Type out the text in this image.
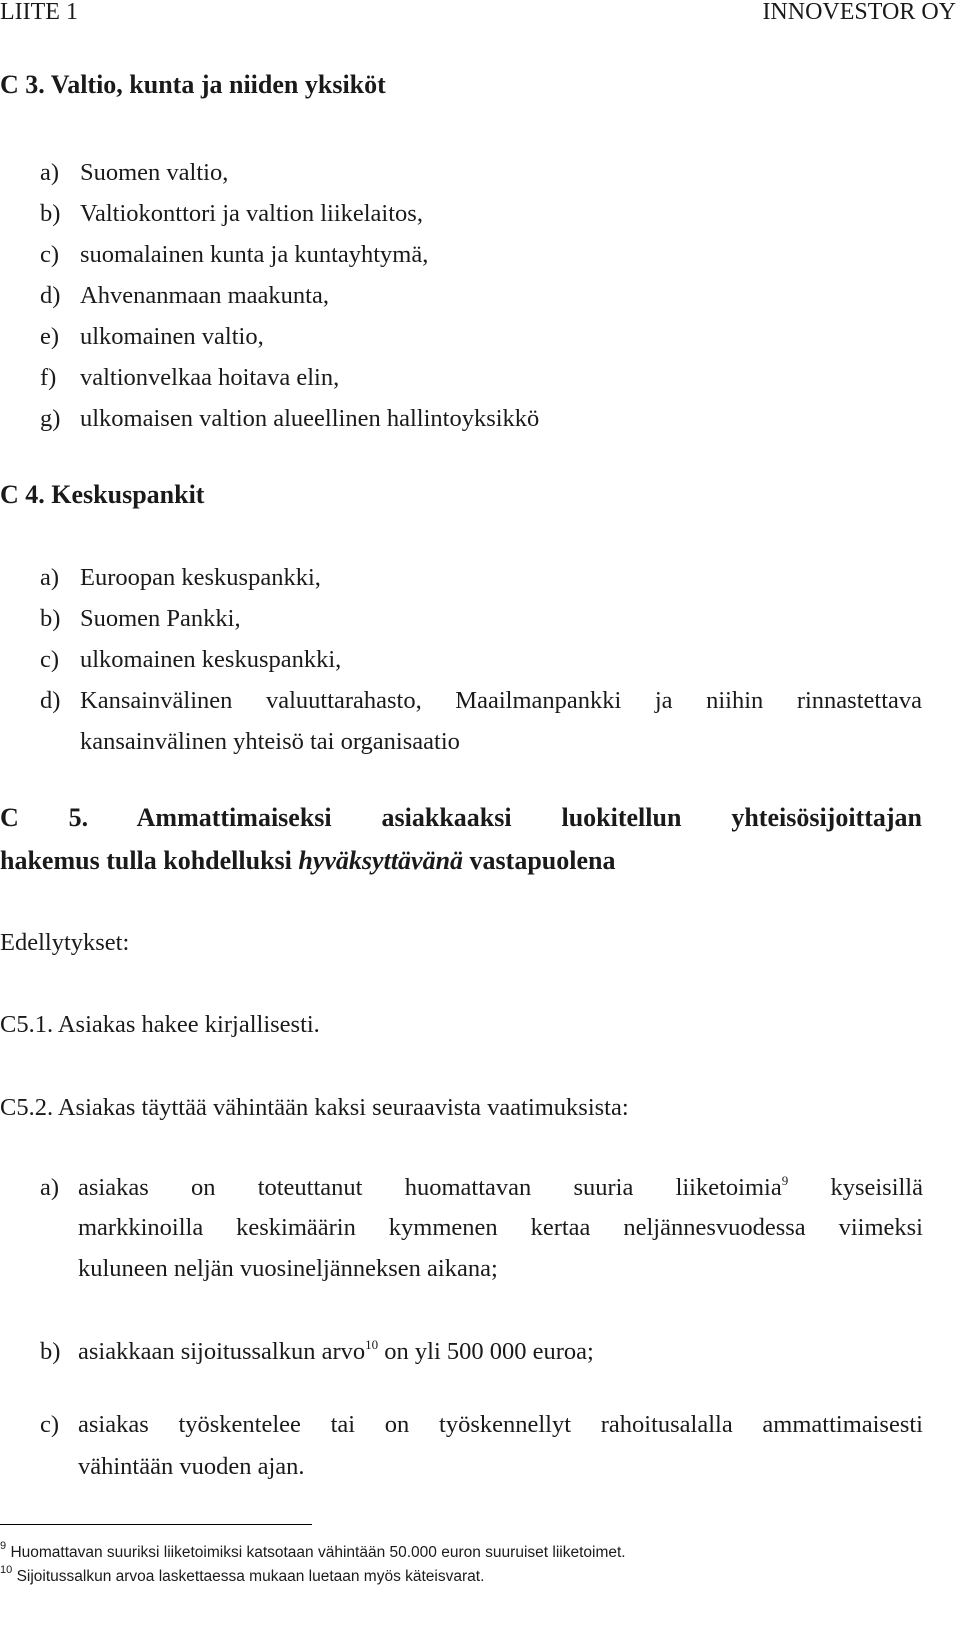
LIITE 1	INNOVESTOR OY
C 3. Valtio, kunta ja niiden yksiköt
a) Suomen valtio,
b) Valtiokonttori ja valtion liikelaitos,
c) suomalainen kunta ja kuntayhtymä,
d) Ahvenanmaan maakunta,
e) ulkomainen valtio,
f) valtionvelkaa hoitava elin,
g) ulkomaisen valtion alueellinen hallintoyksikkö
C 4. Keskuspankit
a) Euroopan keskuspankki,
b) Suomen Pankki,
c) ulkomainen keskuspankki,
d) Kansainvälinen valuuttarahasto, Maailmanpankki ja niihin rinnastettava
kansainvälinen yhteisö tai organisaatio
C 5. Ammattimaiseksi asiakkaaksi luokitellun yhteisösijoittajan
hakemus tulla kohdelluksi hyväksyttävänä vastapuolena
Edellytykset:
C5.1. Asiakas hakee kirjallisesti.
C5.2. Asiakas täyttää vähintään kaksi seuraavista vaatimuksista:
a) asiakas on toteuttanut huomattavan suuria liiketoimia$^9$ kyseisillä
markkinoilla keskimäärin kymmenen kertaa neljännesvuodessa viimeksi
kuluneen neljän vuosineljänneksen aikana;
b) asiakkaan sijoitussalkun arvo$^{10}$ on yli 500 000 euroa;
c) asiakas työskentelee tai on työskennellyt rahoitusalalla ammattimaisesti
vähintään vuoden ajan.
$^9$ Huomattavan suuriksi liiketoimiksi katsotaan vähintään 50.000 euron suuruiset liiketoimet.
$^{10}$ Sijoitussalkun arvoa laskettaessa mukaan luetaan myös käteisvarat.
